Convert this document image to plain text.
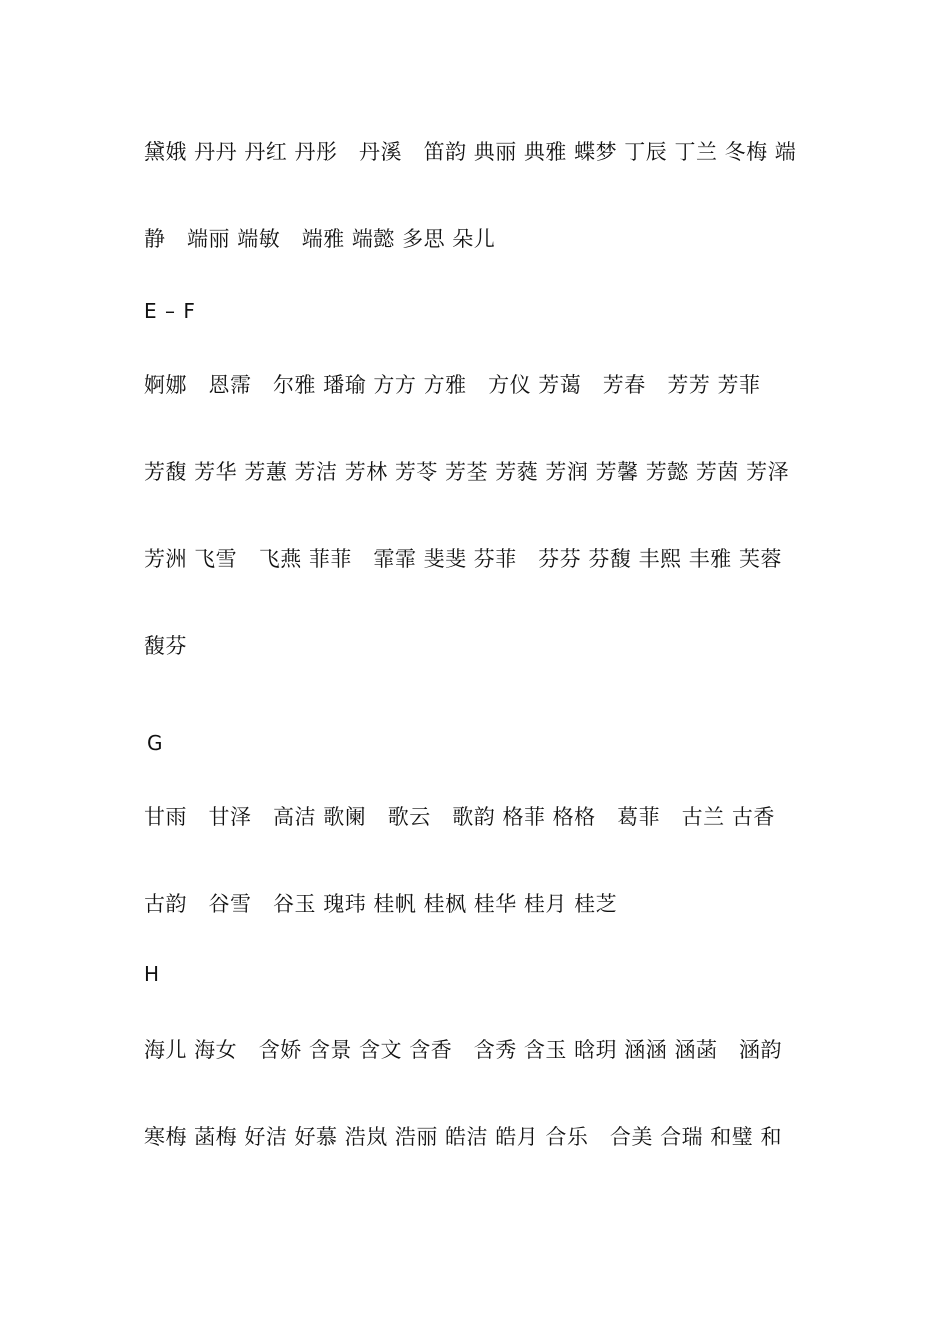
黛娥 丹丹 丹红 丹彤   丹溪   笛韵 典丽 典雅 蝶梦 丁辰 丁兰 冬梅 端
静   端丽 端敏   端雅 端懿 多思 朵儿
E – F
婀娜   恩霈   尔雅 璠瑜 方方 方雅   方仪 芳蔼   芳春   芳芳 芳菲
芳馥 芳华 芳蕙 芳洁 芳林 芳苓 芳荃 芳蕤 芳润 芳馨 芳懿 芳茵 芳泽
芳洲 飞雪   飞燕 菲菲   霏霏 斐斐 芬菲   芬芬 芬馥 丰熙 丰雅 芙蓉
馥芬
G
甘雨   甘泽   高洁 歌阑   歌云   歌韵 格菲 格格   葛菲   古兰 古香
古韵   谷雪   谷玉 瑰玮 桂帆 桂枫 桂华 桂月 桂芝
H
海儿 海女   含娇 含景 含文 含香   含秀 含玉 晗玥 涵涵 涵菡   涵韵
寒梅 菡梅 好洁 好慕 浩岚 浩丽 皓洁 皓月 合乐   合美 合瑞 和璧 和
